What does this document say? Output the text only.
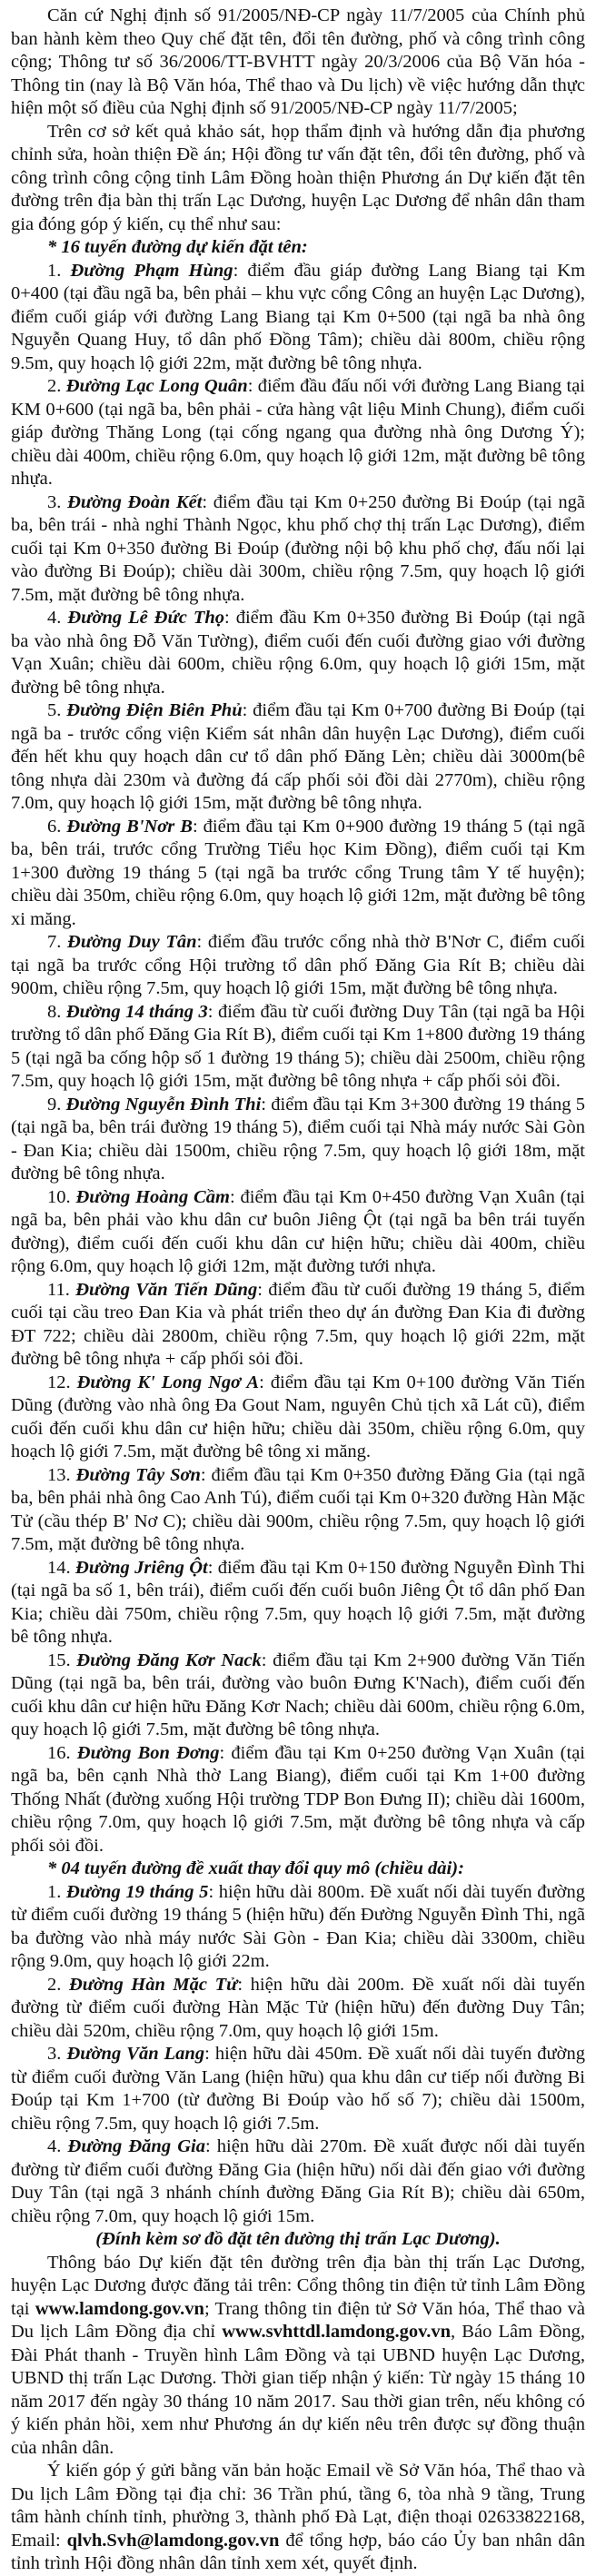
Căn cứ Nghị định số 91/2005/NĐ-CP ngày 11/7/2005 của Chính phủ ban hành kèm theo Quy chế đặt tên, đổi tên đường, phố và công trình công cộng; Thông tư số 36/2006/TT-BVHTT ngày 20/3/2006 của Bộ Văn hóa - Thông tin (nay là Bộ Văn hóa, Thể thao và Du lịch) về việc hướng dẫn thực hiện một số điều của Nghị định số 91/2005/NĐ-CP ngày 11/7/2005;

Trên cơ sở kết quả khảo sát, họp thẩm định và hướng dẫn địa phương chỉnh sửa, hoàn thiện Đề án; Hội đồng tư vấn đặt tên, đổi tên đường, phố và công trình công cộng tỉnh Lâm Đồng hoàn thiện Phương án Dự kiến đặt tên đường trên địa bàn thị trấn Lạc Dương, huyện Lạc Dương để nhân dân tham gia đóng góp ý kiến, cụ thể như sau:

* 16 tuyến đường dự kiến đặt tên:

1. Đường Phạm Hùng: điểm đầu giáp đường Lang Biang tại Km 0+400 (tại đầu ngã ba, bên phải – khu vực cổng Công an huyện Lạc Dương), điểm cuối giáp với đường Lang Biang tại Km 0+500 (tại ngã ba nhà ông Nguyễn Quang Huy, tổ dân phố Đồng Tâm); chiều dài 800m, chiều rộng 9.5m, quy hoạch lộ giới 22m, mặt đường bê tông nhựa.

2. Đường Lạc Long Quân: điểm đầu đấu nối với đường Lang Biang tại KM 0+600 (tại ngã ba, bên phải - cửa hàng vật liệu Minh Chung), điểm cuối giáp đường Thăng Long (tại cống ngang qua đường nhà ông Dương Ý); chiều dài 400m, chiều rộng 6.0m, quy hoạch lộ giới 12m, mặt đường bê tông nhựa.

3. Đường Đoàn Kết: điểm đầu tại Km 0+250 đường Bi Đoúp (tại ngã ba, bên trái - nhà nghỉ Thành Ngọc, khu phố chợ thị trấn Lạc Dương), điểm cuối tại Km 0+350 đường Bi Đoúp (đường nội bộ khu phố chợ, đấu nối lại vào đường Bi Đoúp); chiều dài 300m, chiều rộng 7.5m, quy hoạch lộ giới 7.5m, mặt đường bê tông nhựa.

4. Đường Lê Đức Thọ: điểm đầu Km 0+350 đường Bi Đoúp (tại ngã ba vào nhà ông Đỗ Văn Tường), điểm cuối đến cuối đường giao với đường Vạn Xuân; chiều dài 600m, chiều rộng 6.0m, quy hoạch lộ giới 15m, mặt đường bê tông nhựa.

5. Đường Điện Biên Phủ: điểm đầu tại Km 0+700 đường Bi Đoúp (tại ngã ba - trước cổng viện Kiểm sát nhân dân huyện Lạc Dương), điểm cuối đến hết khu quy hoạch dân cư tổ dân phố Đăng Lèn; chiều dài 3000m(bê tông nhựa dài 230m và đường đá cấp phối sỏi đồi dài 2770m), chiều rộng 7.0m, quy hoạch lộ giới 15m, mặt đường bê tông nhựa.

6. Đường B'Nơr B: điểm đầu tại Km 0+900 đường 19 tháng 5 (tại ngã ba, bên trái, trước cổng Trường Tiểu học Kim Đồng), điểm cuối tại Km 1+300 đường 19 tháng 5 (tại ngã ba trước cổng Trung tâm Y tế huyện); chiều dài 350m, chiều rộng 6.0m, quy hoạch lộ giới 12m, mặt đường bê tông xi măng.

7. Đường Duy Tân: điểm đầu trước cổng nhà thờ B'Nơr C, điểm cuối tại ngã ba trước cổng Hội trường tổ dân phố Đăng Gia Rít B; chiều dài 900m, chiều rộng 7.5m, quy hoạch lộ giới 15m, mặt đường bê tông nhựa.

8. Đường 14 tháng 3: điểm đầu từ cuối đường Duy Tân (tại ngã ba Hội trường tổ dân phố Đăng Gia Rít B), điểm cuối tại Km 1+800 đường 19 tháng 5 (tại ngã ba cống hộp số 1 đường 19 tháng 5); chiều dài 2500m, chiều rộng 7.5m, quy hoạch lộ giới 15m, mặt đường bê tông nhựa + cấp phối sỏi đồi.

9. Đường Nguyễn Đình Thi: điểm đầu tại Km 3+300 đường 19 tháng 5 (tại ngã ba, bên trái đường 19 tháng 5), điểm cuối tại Nhà máy nước Sài Gòn - Đan Kia; chiều dài 1500m, chiều rộng 7.5m, quy hoạch lộ giới 18m, mặt đường bê tông nhựa.

10. Đường Hoàng Cầm: điểm đầu tại Km 0+450 đường Vạn Xuân (tại ngã ba, bên phải vào khu dân cư buôn Jiêng Ột (tại ngã ba bên trái tuyến đường), điểm cuối đến cuối khu dân cư hiện hữu; chiều dài 400m, chiều rộng 6.0m, quy hoạch lộ giới 12m, mặt đường tưới nhựa.

11. Đường Văn Tiến Dũng: điểm đầu từ cuối đường 19 tháng 5, điểm cuối tại cầu treo Đan Kia và phát triển theo dự án đường Đan Kia đi đường ĐT 722; chiều dài 2800m, chiều rộng 7.5m, quy hoạch lộ giới 22m, mặt đường bê tông nhựa + cấp phối sỏi đồi.

12. Đường K' Long Ngơ A: điểm đầu tại Km 0+100 đường Văn Tiến Dũng (đường vào nhà ông Đa Gout Nam, nguyên Chủ tịch xã Lát cũ), điểm cuối đến cuối khu dân cư hiện hữu; chiều dài 350m, chiều rộng 6.0m, quy hoạch lộ giới 7.5m, mặt đường bê tông xi măng.

13. Đường Tây Sơn: điểm đầu tại Km 0+350 đường Đăng Gia (tại ngã ba, bên phải nhà ông Cao Anh Tú), điểm cuối tại Km 0+320 đường Hàn Mặc Tử (cầu thép B' Nơ C); chiều dài 900m, chiều rộng 7.5m, quy hoạch lộ giới 7.5m, mặt đường bê tông nhựa.

14. Đường Jriêng Ột: điểm đầu tại Km 0+150 đường Nguyễn Đình Thi (tại ngã ba số 1, bên trái), điểm cuối đến cuối buôn Jiêng Ột tổ dân phố Đan Kia; chiều dài 750m, chiều rộng 7.5m, quy hoạch lộ giới 7.5m, mặt đường bê tông nhựa.

15. Đường Đăng Kơr Nack: điểm đầu tại Km 2+900 đường Văn Tiến Dũng (tại ngã ba, bên trái, đường vào buôn Đưng K'Nach), điểm cuối đến cuối khu dân cư hiện hữu Đăng Kơr Nach; chiều dài 600m, chiều rộng 6.0m, quy hoạch lộ giới 7.5m, mặt đường bê tông nhựa.

16. Đường Bon Đơng: điểm đầu tại Km 0+250 đường Vạn Xuân (tại ngã ba, bên cạnh Nhà thờ Lang Biang), điểm cuối tại Km 1+00 đường Thống Nhất (đường xuống Hội trường TDP Bon Đưng II); chiều dài 1600m, chiều rộng 7.0m, quy hoạch lộ giới 7.5m, mặt đường bê tông nhựa và cấp phối sỏi đồi.

* 04 tuyến đường đề xuất thay đổi quy mô (chiều dài):

1. Đường 19 tháng 5: hiện hữu dài 800m. Đề xuất nối dài tuyến đường từ điểm cuối đường 19 tháng 5 (hiện hữu) đến Đường Nguyễn Đình Thi, ngã ba đường vào nhà máy nước Sài Gòn - Đan Kia; chiều dài 3300m, chiều rộng 9.0m, quy hoạch lộ giới 22m.

2. Đường Hàn Mặc Tử: hiện hữu dài 200m. Đề xuất nối dài tuyến đường từ điểm cuối đường Hàn Mặc Tử (hiện hữu) đến đường Duy Tân; chiều dài 520m, chiều rộng 7.0m, quy hoạch lộ giới 15m.

3. Đường Văn Lang: hiện hữu dài 450m. Đề xuất nối dài tuyến đường từ điểm cuối đường Văn Lang (hiện hữu) qua khu dân cư tiếp nối đường Bi Đoúp tại Km 1+700 (từ đường Bi Đoúp vào hố số 7); chiều dài 1500m, chiều rộng 7.5m, quy hoạch lộ giới 7.5m.

4. Đường Đăng Gia: hiện hữu dài 270m. Đề xuất được nối dài tuyến đường từ điểm cuối đường Đăng Gia (hiện hữu) nối dài đến giao với đường Duy Tân (tại ngã 3 nhánh chính đường Đăng Gia Rít B); chiều dài 650m, chiều rộng 7.0m, quy hoạch lộ giới 15m.

(Đính kèm sơ đồ đặt tên đường thị trấn Lạc Dương).

Thông báo Dự kiến đặt tên đường trên địa bàn thị trấn Lạc Dương, huyện Lạc Dương được đăng tải trên: Cổng thông tin điện tử tỉnh Lâm Đồng tại www.lamdong.gov.vn; Trang thông tin điện tử Sở Văn hóa, Thể thao và Du lịch Lâm Đồng địa chỉ www.svhttdl.lamdong.gov.vn, Báo Lâm Đồng, Đài Phát thanh - Truyền hình Lâm Đồng và tại UBND huyện Lạc Dương, UBND thị trấn Lạc Dương. Thời gian tiếp nhận ý kiến: Từ ngày 15 tháng 10 năm 2017 đến ngày 30 tháng 10 năm 2017. Sau thời gian trên, nếu không có ý kiến phản hồi, xem như Phương án dự kiến nêu trên được sự đồng thuận của nhân dân.

Ý kiến góp ý gửi bằng văn bản hoặc Email về Sở Văn hóa, Thể thao và Du lịch Lâm Đồng tại địa chỉ: 36 Trần phú, tầng 6, tòa nhà 9 tầng, Trung tâm hành chính tỉnh, phường 3, thành phố Đà Lạt, điện thoại 02633822168, Email: qlvh.Svh@lamdong.gov.vn để tổng hợp, báo cáo Ủy ban nhân dân tỉnh trình Hội đồng nhân dân tỉnh xem xét, quyết định.
